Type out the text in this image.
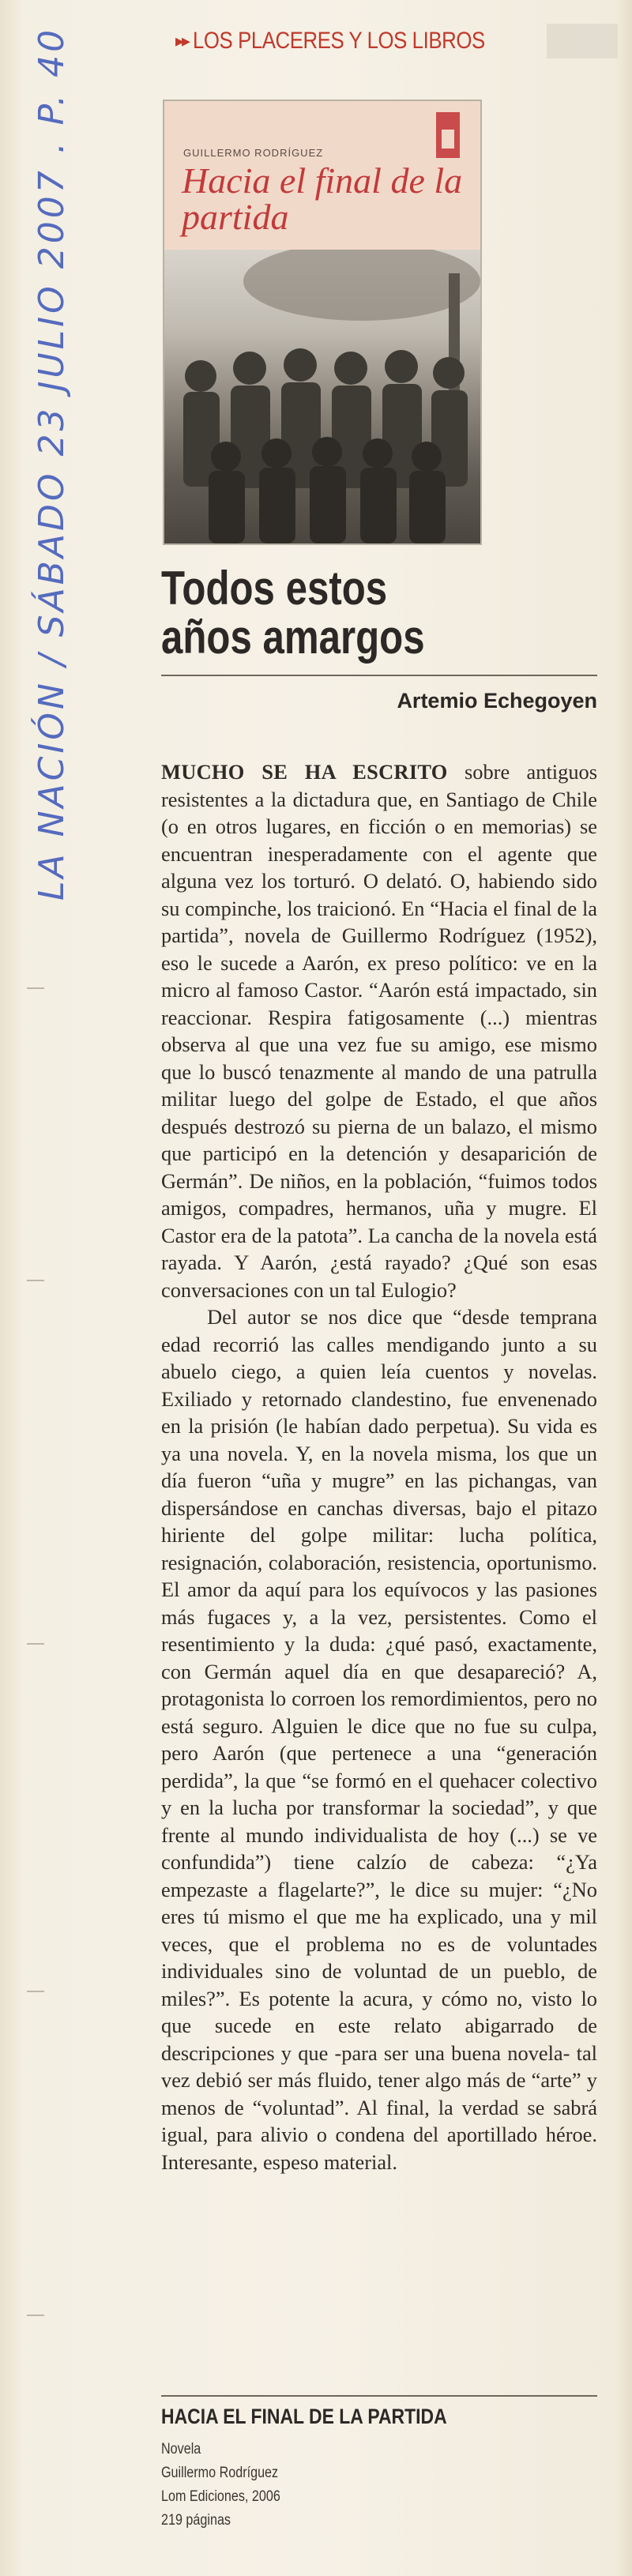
LA NACIÓN / SÁBADO 23 JULIO 2007 . P. 40	▸▸ LOS PLACERES Y LOS LIBROS
GUILLERMO RODRÍGUEZ
Hacia el final de la partida
Todos estos
años amargos
Artemio Echegoyen

MUCHO SE HA ESCRITO sobre antiguos resistentes a la dictadura que, en Santiago de Chile (o en otros lugares, en ficción o en memorias) se encuentran inesperadamente con el agente que alguna vez los torturó. O delató. O, habiendo sido su compinche, los traicionó. En “Hacia el final de la partida”, novela de Guillermo Rodríguez (1952), eso le sucede a Aarón, ex preso político: ve en la micro al famoso Castor. “Aarón está impactado, sin reaccionar. Respira fatigosamente (...) mientras observa al que una vez fue su amigo, ese mismo que lo buscó tenazmente al mando de una patrulla militar luego del golpe de Estado, el que años después destrozó su pierna de un balazo, el mismo que participó en la detención y desaparición de Germán”. De niños, en la población, “fuimos todos amigos, compadres, hermanos, uña y mugre. El Castor era de la patota”. La cancha de la novela está rayada. Y Aarón, ¿está rayado? ¿Qué son esas conversaciones con un tal Eulogio?

Del autor se nos dice que “desde temprana edad recorrió las calles mendigando junto a su abuelo ciego, a quien leía cuentos y novelas. Exiliado y retornado clandestino, fue envenenado en la prisión (le habían dado perpetua). Su vida es ya una novela. Y, en la novela misma, los que un día fueron “uña y mugre” en las pichangas, van dispersándose en canchas diversas, bajo el pitazo hiriente del golpe militar: lucha política, resignación, colaboración, resistencia, oportunismo. El amor da aquí para los equívocos y las pasiones más fugaces y, a la vez, persistentes. Como el resentimiento y la duda: ¿qué pasó, exactamente, con Germán aquel día en que desapareció? A, protagonista lo corroen los remordimientos, pero no está seguro. Alguien le dice que no fue su culpa, pero Aarón (que pertenece a una “generación perdida”, la que “se formó en el quehacer colectivo y en la lucha por transformar la sociedad”, y que frente al mundo individualista de hoy (...) se ve confundida”) tiene calzío de cabeza: “¿Ya empezaste a flagelarte?”, le dice su mujer: “¿No eres tú mismo el que me ha explicado, una y mil veces, que el problema no es de voluntades individuales sino de voluntad de un pueblo, de miles?”. Es potente la acura, y cómo no, visto lo que sucede en este relato abigarrado de descripciones y que -para ser una buena novela- tal vez debió ser más fluido, tener algo más de “arte” y menos de “voluntad”. Al final, la verdad se sabrá igual, para alivio o condena del aportillado héroe. Interesante, espeso material.

HACIA EL FINAL DE LA PARTIDA
Novela
Guillermo Rodríguez
Lom Ediciones, 2006
219 páginas
